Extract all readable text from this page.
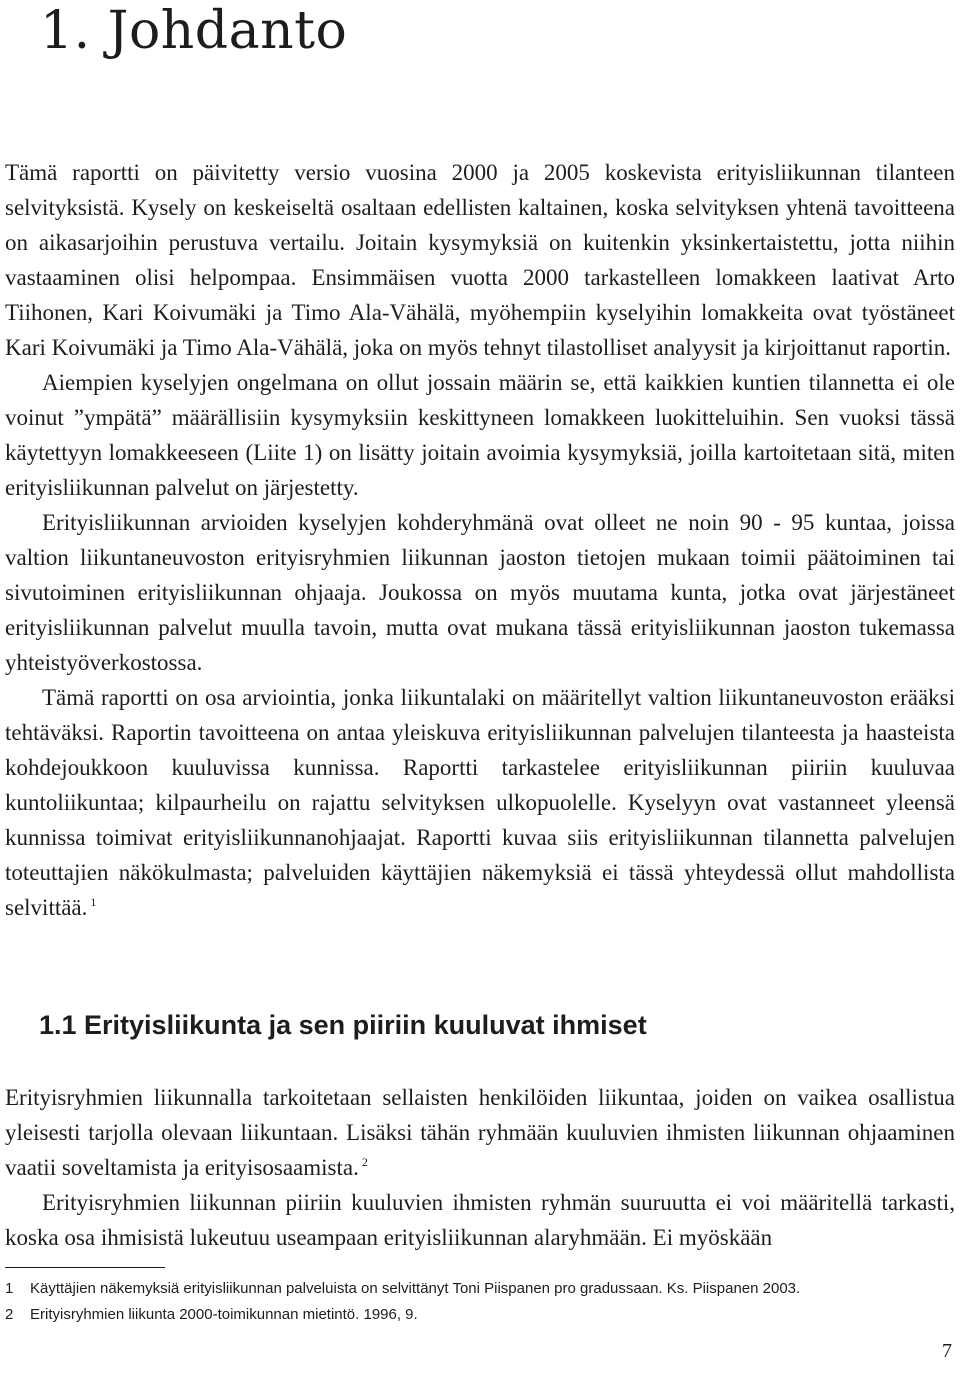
1. Johdanto

Tämä raportti on päivitetty versio vuosina 2000 ja 2005 koskevista erityisliikunnan tilanteen selvityksistä. Kysely on keskeiseltä osaltaan edellisten kaltainen, koska selvityksen yhtenä tavoitteena on aikasarjoihin perustuva vertailu. Joitain kysymyksiä on kuitenkin yksinkertaistettu, jotta niihin vastaaminen olisi helpompaa. Ensimmäisen vuotta 2000 tarkastelleen lomakkeen laativat Arto Tiihonen, Kari Koivumäki ja Timo Ala-Vähälä, myöhempiin kyselyihin lomakkeita ovat työstäneet Kari Koivumäki ja Timo Ala-Vähälä, joka on myös tehnyt tilastolliset analyysit ja kirjoittanut raportin.

Aiempien kyselyjen ongelmana on ollut jossain määrin se, että kaikkien kuntien tilannetta ei ole voinut ”ympätä” määrällisiin kysymyksiin keskittyneen lomakkeen luokitteluihin. Sen vuoksi tässä käytettyyn lomakkeeseen (Liite 1) on lisätty joitain avoimia kysymyksiä, joilla kartoitetaan sitä, miten erityisliikunnan palvelut on järjestetty.

Erityisliikunnan arvioiden kyselyjen kohderyhmänä ovat olleet ne noin 90 - 95 kuntaa, joissa valtion liikuntaneuvoston erityisryhmien liikunnan jaoston tietojen mukaan toimii päätoiminen tai sivutoiminen erityisliikunnan ohjaaja. Joukossa on myös muutama kunta, jotka ovat järjestäneet erityisliikunnan palvelut muulla tavoin, mutta ovat mukana tässä erityisliikunnan jaoston tukemassa yhteistyöverkostossa.

Tämä raportti on osa arviointia, jonka liikuntalaki on määritellyt valtion liikuntaneuvoston erääksi tehtäväksi. Raportin tavoitteena on antaa yleiskuva erityisliikunnan palvelujen tilanteesta ja haasteista kohdejoukkoon kuuluvissa kunnissa. Raportti tarkastelee erityisliikunnan piiriin kuuluvaa kuntoliikuntaa; kilpaurheilu on rajattu selvityksen ulkopuolelle. Kyselyyn ovat vastanneet yleensä kunnissa toimivat erityisliikunnanohjaajat. Raportti kuvaa siis erityisliikunnan tilannetta palvelujen toteuttajien näkökulmasta; palveluiden käyttäjien näkemyksiä ei tässä yhteydessä ollut mahdollista selvittää. $^1$

1.1 Erityisliikunta ja sen piiriin kuuluvat ihmiset

Erityisryhmien liikunnalla tarkoitetaan sellaisten henkilöiden liikuntaa, joiden on vaikea osallistua yleisesti tarjolla olevaan liikuntaan. Lisäksi tähän ryhmään kuuluvien ihmisten liikunnan ohjaaminen vaatii soveltamista ja erityisosaamista. $^2$

Erityisryhmien liikunnan piiriin kuuluvien ihmisten ryhmän suuruutta ei voi määritellä tarkasti, koska osa ihmisistä lukeutuu useampaan erityisliikunnan alaryhmään. Ei myöskään

1	Käyttäjien näkemyksiä erityisliikunnan palveluista on selvittänyt Toni Piispanen pro gradussaan. Ks. Piispanen 2003.
2	Erityisryhmien liikunta 2000-toimikunnan mietintö. 1996, 9.
7
